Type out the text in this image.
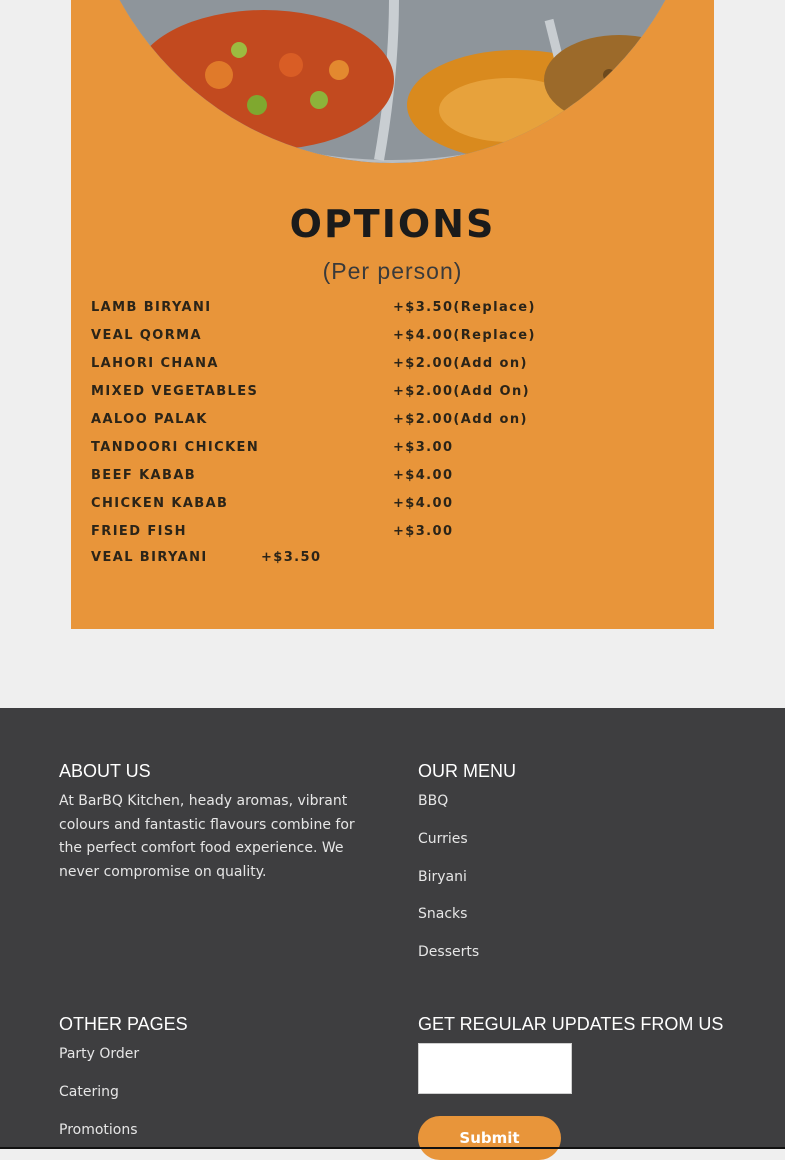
OPTIONS
(Per person)
LAMB BIRYANI	+$3.50(Replace)
VEAL QORMA	+$4.00(Replace)
LAHORI CHANA	+$2.00(Add on)
MIXED VEGETABLES	+$2.00(Add On)
AALOO PALAK	+$2.00(Add on)
TANDOORI CHICKEN	+$3.00
BEEF KABAB	+$4.00
CHICKEN KABAB	+$4.00
FRIED FISH	+$3.00
VEAL BIRYANI	+$3.50
ABOUT US
At BarBQ Kitchen, heady aromas, vibrant colours and fantastic flavours combine for the perfect comfort food experience. We never compromise on quality.
OUR MENU
BBQ
Curries
Biryani
Snacks
Desserts
OTHER PAGES
Party Order
Catering
Promotions
GET REGULAR UPDATES FROM US
Submit
